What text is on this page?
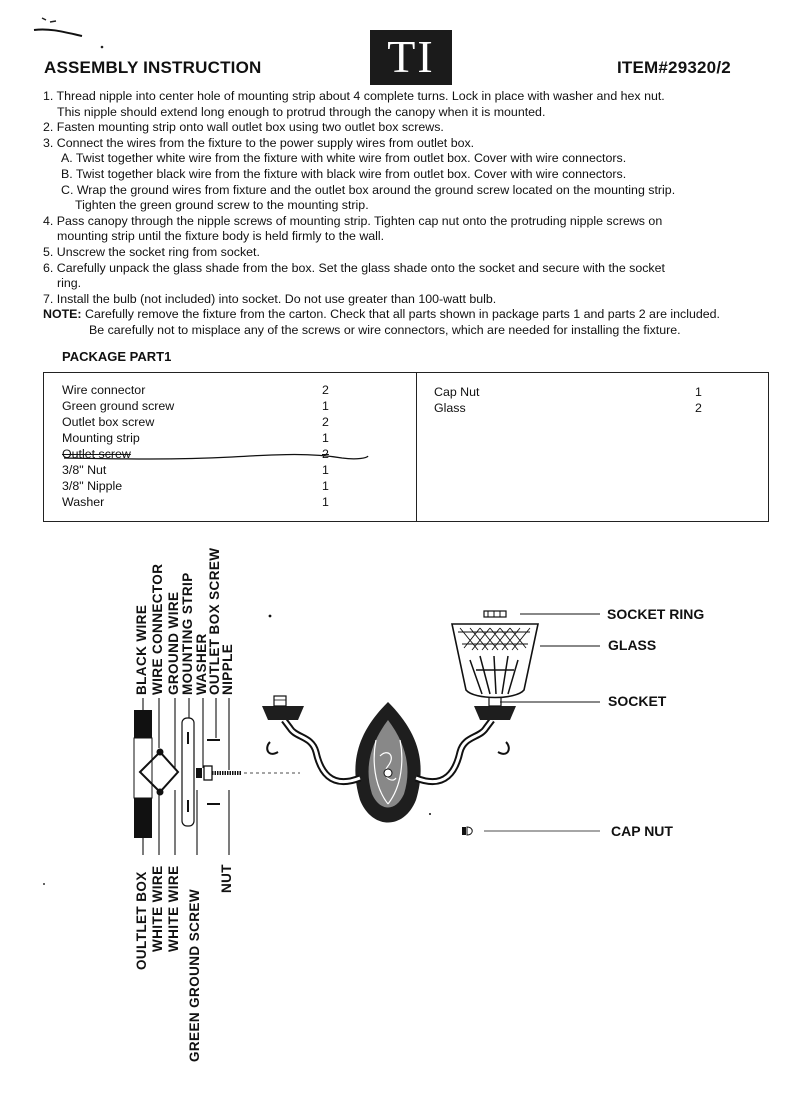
ASSEMBLY INSTRUCTION	TI	ITEM#29320/2
1. Thread nipple into center hole of mounting strip about 4 complete turns. Lock in place with washer and hex nut.
This nipple should extend long enough to protrud through the canopy when it is mounted.
2. Fasten mounting strip onto wall outlet box using two outlet box screws.
3. Connect the wires from the fixture to the power supply wires from outlet box.
A. Twist together white wire from the fixture with white wire from outlet box. Cover with wire connectors.
B. Twist together black wire from the fixture with black wire from outlet box. Cover with wire connectors.
C. Wrap the ground wires from fixture and the outlet box around the ground screw located on the mounting strip.
Tighten the green ground screw to the mounting strip.
4. Pass canopy through the nipple screws of mounting strip. Tighten cap nut onto the protruding nipple screws on
mounting strip until the fixture body is held firmly to the wall.
5. Unscrew the socket ring from socket.
6. Carefully unpack the glass shade from the box. Set the glass shade onto the socket and secure with the socket
ring.
7. Install the bulb (not included) into socket. Do not use greater than 100-watt bulb.
NOTE: Carefully remove the fixture from the carton. Check that all parts shown in package parts 1 and parts 2 are included.
Be carefully not to misplace any of the screws or wire connectors, which are needed for installing the fixture.
PACKAGE PART1
Wire connector	2
Green ground screw	1
Outlet box screw	2
Mounting strip	1
Outlet screw	2
3/8" Nut	1
3/8" Nipple	1
Washer	1
Cap Nut	1
Glass	2
BLACK WIRE WIRE CONNECTOR GROUND WIRE MOUNTING STRIP WASHER
OUTLET BOX SCREW
NIPPLE
OULTLET BOX WHITE WIRE WHITE WIRE GREEN GROUND SCREW
NUT
SOCKET RING
GLASS
SOCKET
CAP NUT
